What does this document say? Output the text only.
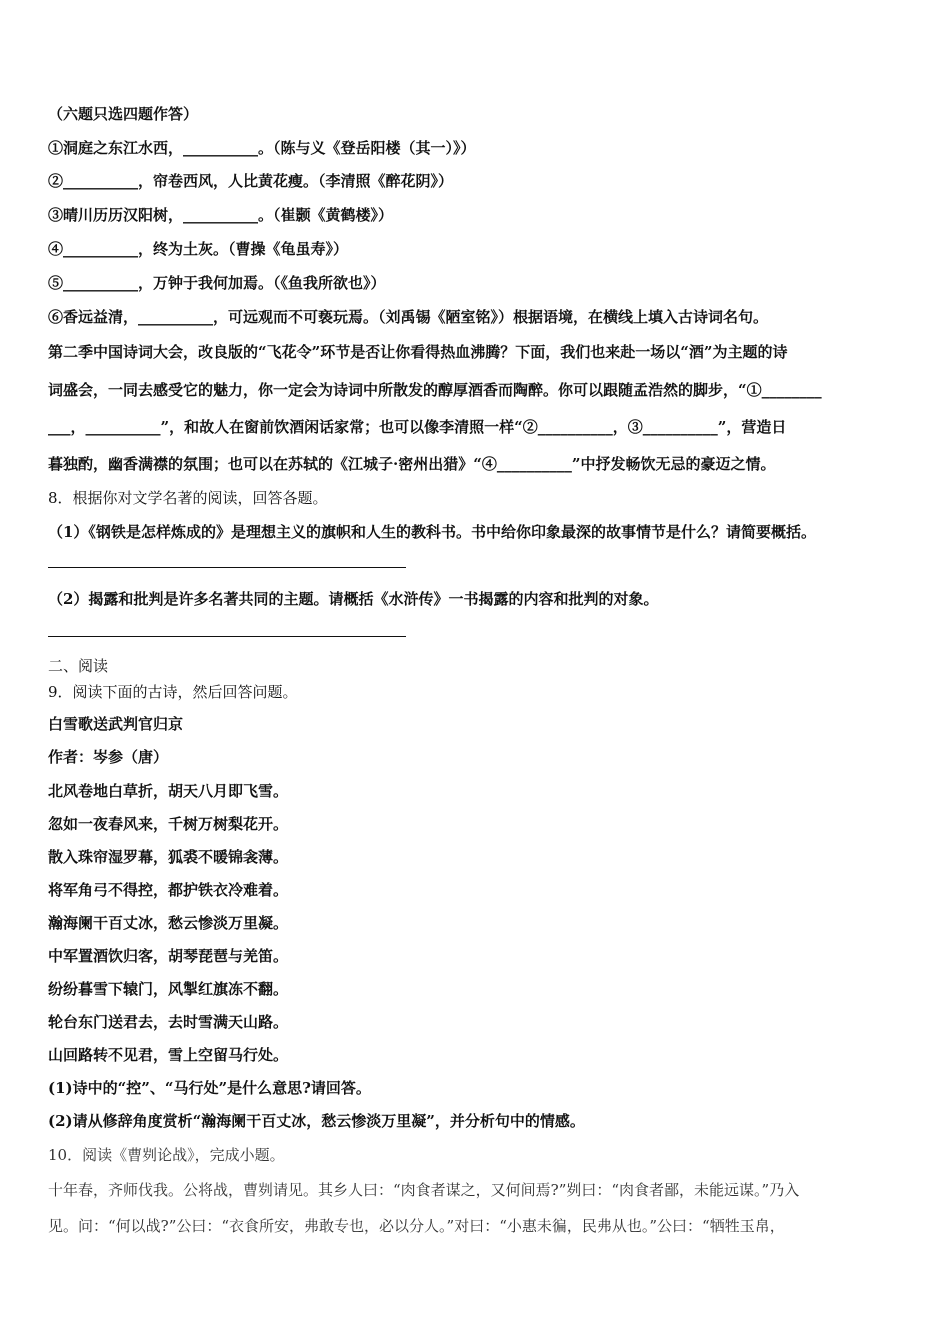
（六题只选四题作答）
①洞庭之东江水西，__________。（陈与义《登岳阳楼（其一）》）
②__________，帘卷西风，人比黄花瘦。（李清照《醉花阴》）
③晴川历历汉阳树，__________。（崔颢《黄鹤楼》）
④__________，终为土灰。（曹操《龟虽寿》）
⑤__________，万钟于我何加焉。（《鱼我所欲也》）
⑥香远益清，__________，可远观而不可亵玩焉。（刘禹锡《陋室铭》）根据语境，在横线上填入古诗词名句。
第二季中国诗词大会，改良版的“飞花令”环节是否让你看得热血沸腾？下面，我们也来赴一场以“酒”为主题的诗
词盛会，一同去感受它的魅力，你一定会为诗词中所散发的醇厚酒香而陶醉。你可以跟随孟浩然的脚步，“①________
___，__________”，和故人在窗前饮酒闲话家常；也可以像李清照一样“②__________，③__________”，营造日
暮独酌，幽香满襟的氛围；也可以在苏轼的《江城子·密州出猎》“④__________”中抒发畅饮无忌的豪迈之情。
8．根据你对文学名著的阅读，回答各题。
（1）《钢铁是怎样炼成的》是理想主义的旗帜和人生的教科书。书中给你印象最深的故事情节是什么？请简要概括。
（2）揭露和批判是许多名著共同的主题。请概括《水浒传》一书揭露的内容和批判的对象。
二、阅读
9．阅读下面的古诗，然后回答问题。
白雪歌送武判官归京
作者：岑参（唐）
北风卷地白草折，胡天八月即飞雪。
忽如一夜春风来，千树万树梨花开。
散入珠帘湿罗幕，狐裘不暖锦衾薄。
将军角弓不得控，都护铁衣冷难着。
瀚海阑干百丈冰，愁云惨淡万里凝。
中军置酒饮归客，胡琴琵琶与羌笛。
纷纷暮雪下辕门，风掣红旗冻不翻。
轮台东门送君去，去时雪满天山路。
山回路转不见君，雪上空留马行处。
(1)诗中的“控”、“马行处”是什么意思?请回答。
(2)请从修辞角度赏析“瀚海阑干百丈冰，愁云惨淡万里凝”，并分析句中的情感。
10．阅读《曹刿论战》，完成小题。
十年春，齐师伐我。公将战，曹刿请见。其乡人曰：“肉食者谋之，又何间焉?”刿曰：“肉食者鄙，未能远谋。”乃入
见。问：“何以战?”公曰：“衣食所安，弗敢专也，必以分人。”对曰：“小惠未徧，民弗从也。”公曰：“牺牲玉帛，
